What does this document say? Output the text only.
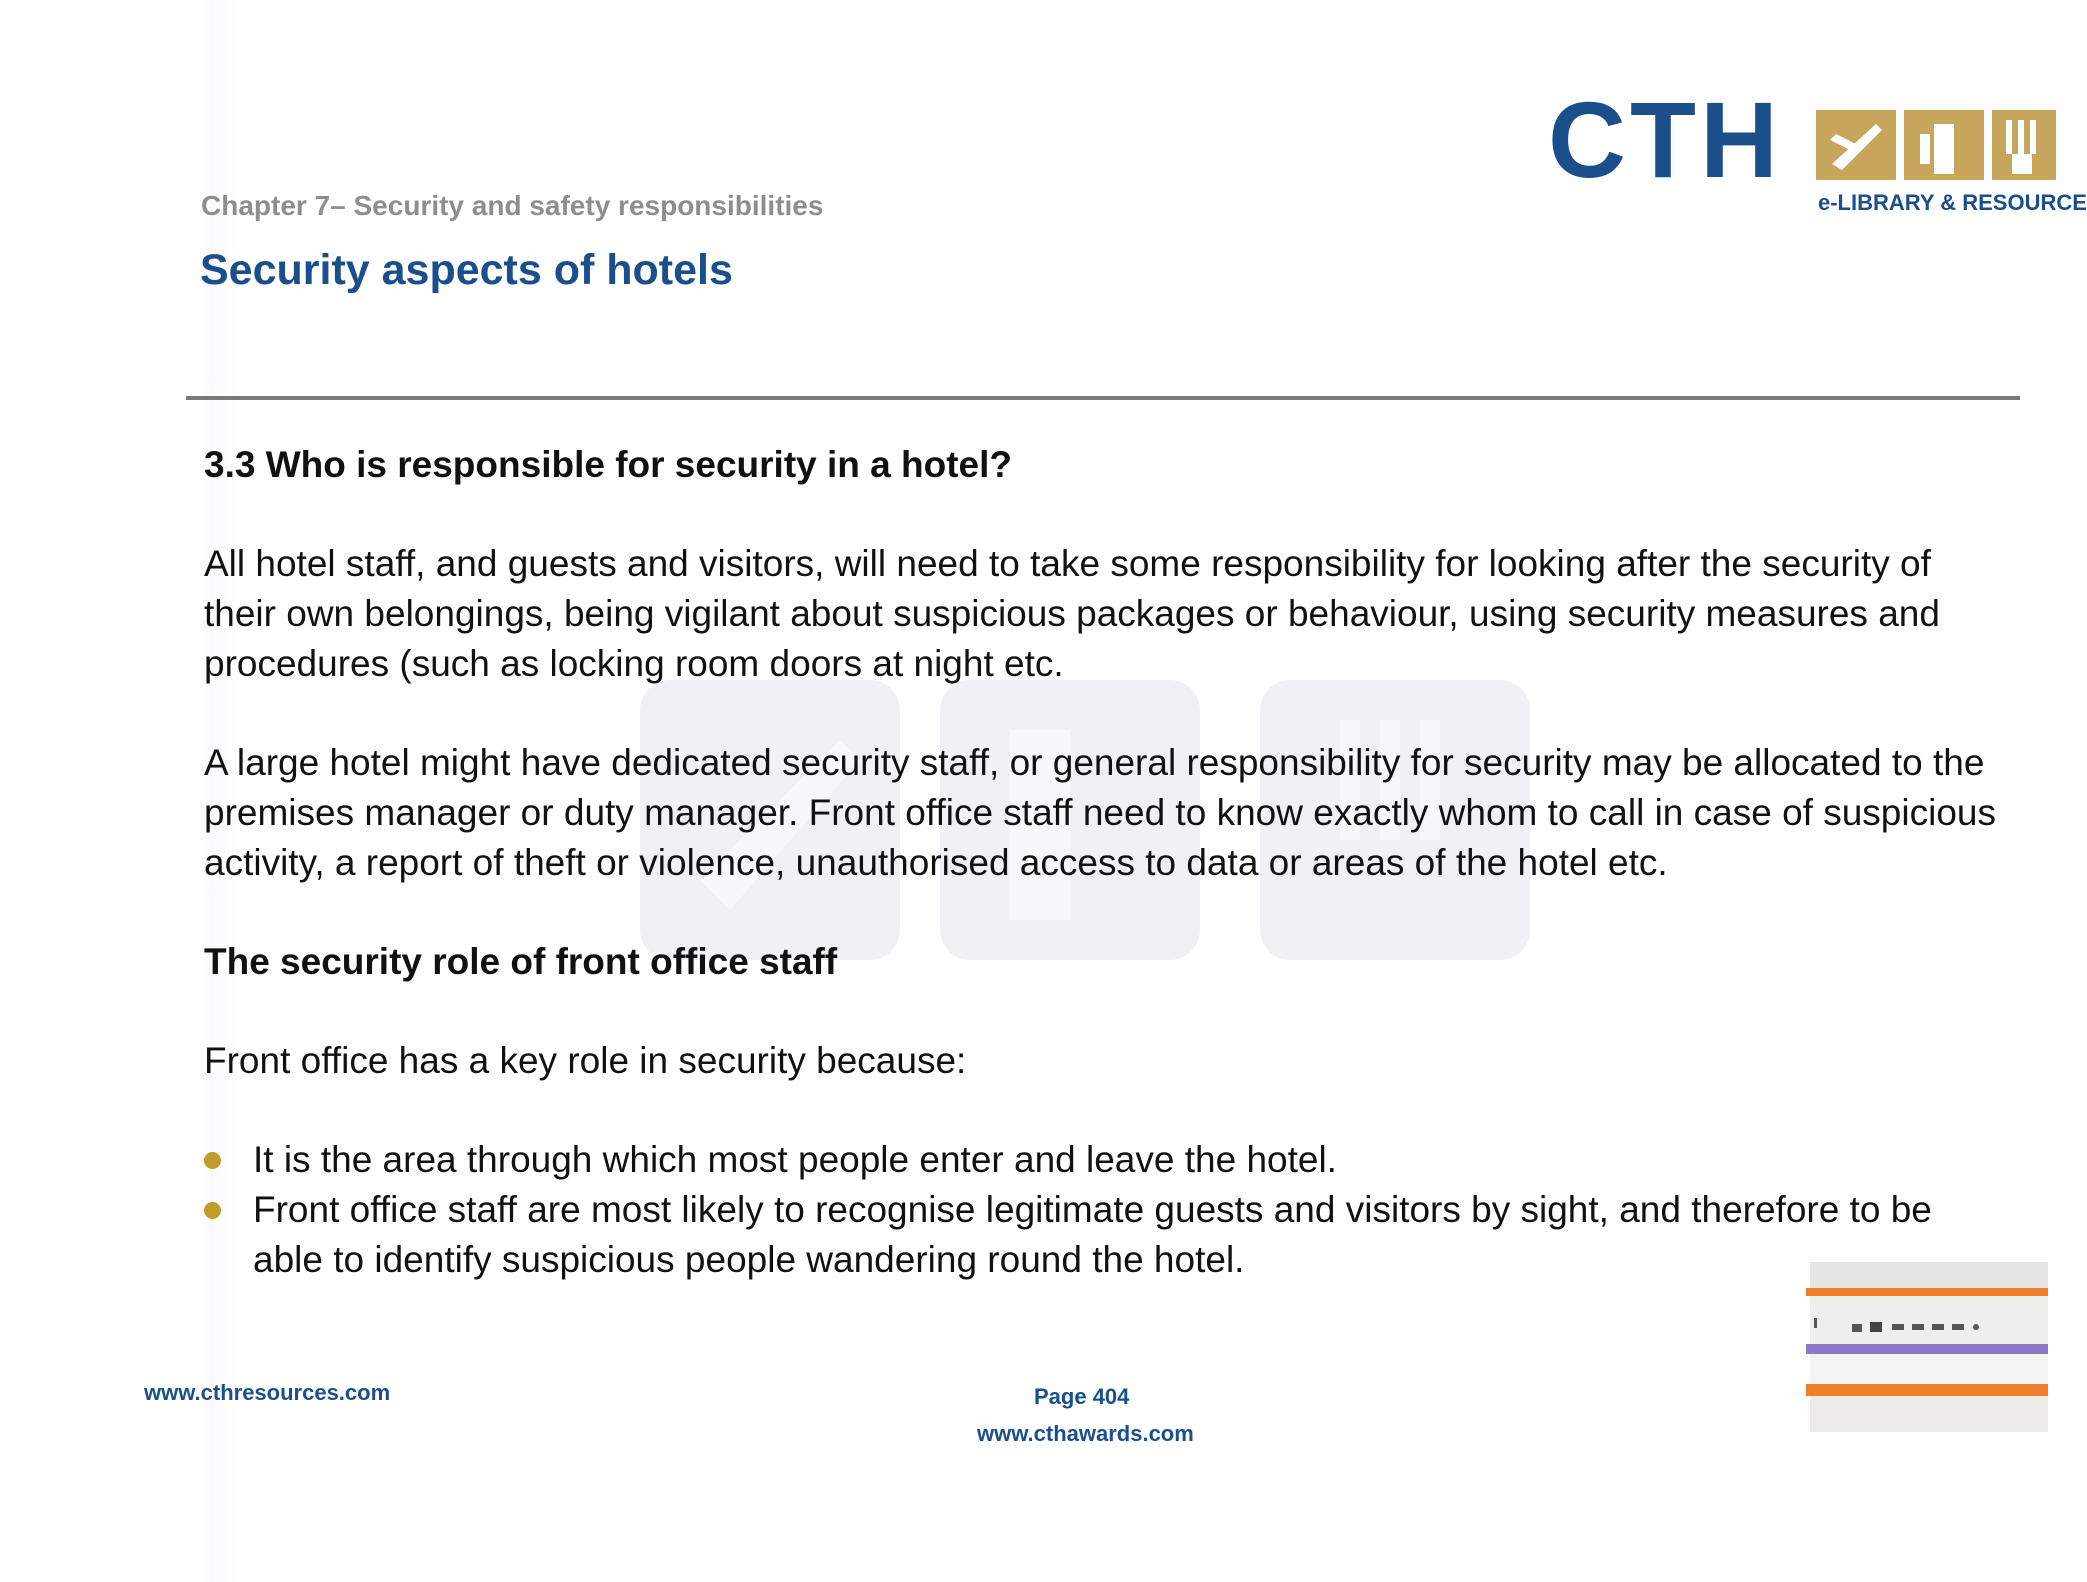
Chapter 7– Security and safety responsibilities
Security aspects of hotels
CTH
e-LIBRARY & RESOURCE
3.3 Who is responsible for security in a hotel?

All hotel staff, and guests and visitors, will need to take some responsibility for looking after the security of their own belongings, being vigilant about suspicious packages or behaviour, using security measures and procedures (such as locking room doors at night etc.

A large hotel might have dedicated security staff, or general responsibility for security may be allocated to the premises manager or duty manager. Front office staff need to know exactly whom to call in case of suspicious activity, a report of theft or violence, unauthorised access to data or areas of the hotel etc.

The security role of front office staff

Front office has a key role in security because:

It is the area through which most people enter and leave the hotel.
Front office staff are most likely to recognise legitimate guests and visitors by sight, and therefore to be able to identify suspicious people wandering round the hotel.
www.cthresources.com	Page 404
www.cthawards.com
